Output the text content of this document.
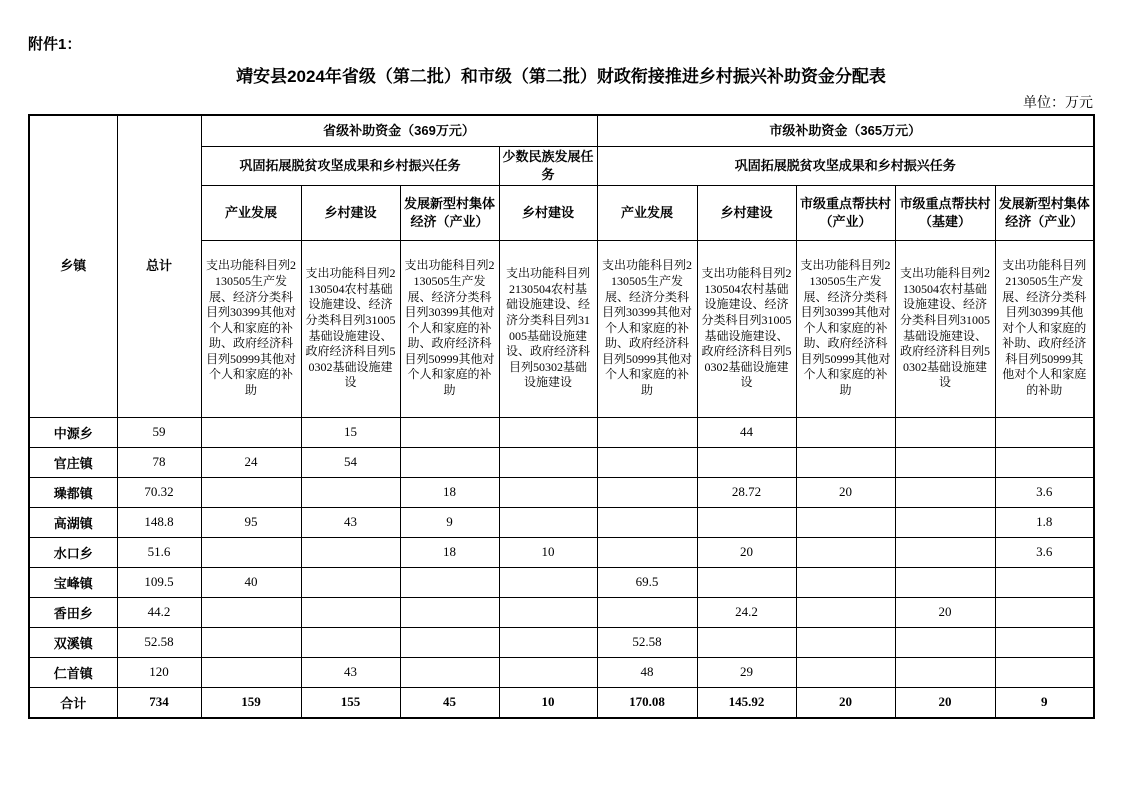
附件1：
靖安县2024年省级（第二批）和市级（第二批）财政衔接推进乡村振兴补助资金分配表
单位：万元
乡镇	总计	省级补助资金（369万元）				市级补助资金（365万元）				
		巩固拓展脱贫攻坚成果和乡村振兴任务			少数民族发展任务	巩固拓展脱贫攻坚成果和乡村振兴任务				
		产业发展	乡村建设	发展新型村集体经济（产业）	乡村建设	产业发展	乡村建设	市级重点帮扶村（产业）	市级重点帮扶村（基建）	发展新型村集体经济（产业）
		支出功能科目列2130505生产发展、经济分类科目列30399其他对个人和家庭的补助、政府经济科目列50999其他对个人和家庭的补助	支出功能科目列2130504农村基础设施建设、经济分类科目列31005基础设施建设、政府经济科目列50302基础设施建设	支出功能科目列2130505生产发展、经济分类科目列30399其他对个人和家庭的补助、政府经济科目列50999其他对个人和家庭的补助	支出功能科目列2130504农村基础设施建设、经济分类科目列31005基础设施建设、政府经济科目列50302基础设施建设	支出功能科目列2130505生产发展、经济分类科目列30399其他对个人和家庭的补助、政府经济科目列50999其他对个人和家庭的补助	支出功能科目列2130504农村基础设施建设、经济分类科目列31005基础设施建设、政府经济科目列50302基础设施建设	支出功能科目列2130505生产发展、经济分类科目列30399其他对个人和家庭的补助、政府经济科目列50999其他对个人和家庭的补助	支出功能科目列2130504农村基础设施建设、经济分类科目列31005基础设施建设、政府经济科目列50302基础设施建设	支出功能科目列2130505生产发展、经济分类科目列30399其他对个人和家庭的补助、政府经济科目列50999其他对个人和家庭的补助
中源乡	59		15				44			
官庄镇	78	24	54							
璪都镇	70.32			18			28.72	20		3.6
高湖镇	148.8	95	43	9						1.8
水口乡	51.6			18	10		20			3.6
宝峰镇	109.5	40				69.5				
香田乡	44.2						24.2		20	
双溪镇	52.58					52.58				
仁首镇	120		43			48	29			
合计	734	159	155	45	10	170.08	145.92	20	20	9
